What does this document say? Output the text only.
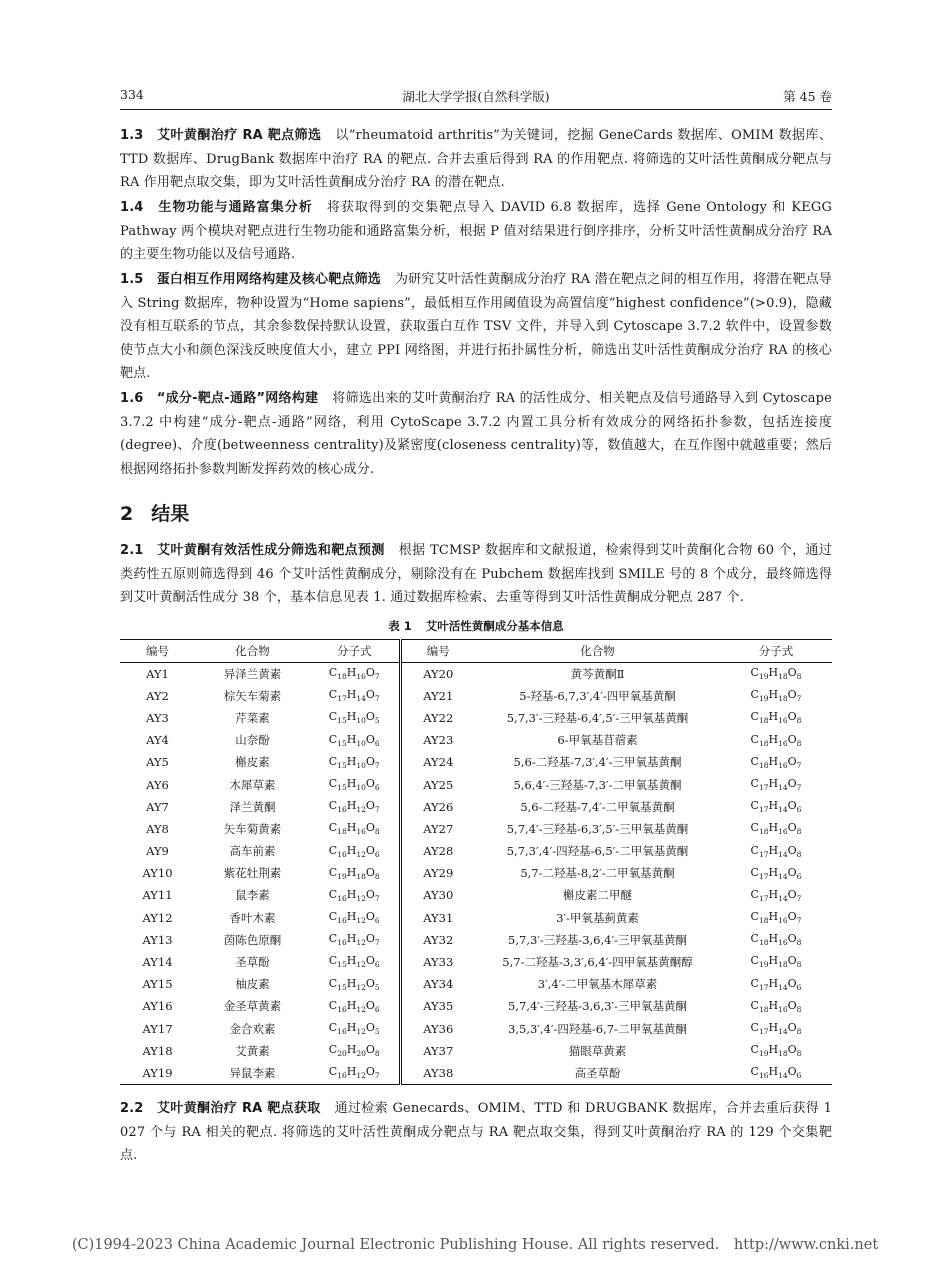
334	湖北大学学报(自然科学版)	第 45 卷

1.3　艾叶黄酮治疗 RA 靶点筛选 以“rheumatoid arthritis”为关键词，挖掘 GeneCards 数据库、OMIM 数据库、TTD 数据库、DrugBank 数据库中治疗 RA 的靶点. 合并去重后得到 RA 的作用靶点. 将筛选的艾叶活性黄酮成分靶点与 RA 作用靶点取交集，即为艾叶活性黄酮成分治疗 RA 的潜在靶点.

1.4　生物功能与通路富集分析 将获取得到的交集靶点导入 DAVID 6.8 数据库，选择 Gene Ontology 和 KEGG Pathway 两个模块对靶点进行生物功能和通路富集分析，根据 P 值对结果进行倒序排序，分析艾叶活性黄酮成分治疗 RA 的主要生物功能以及信号通路.

1.5　蛋白相互作用网络构建及核心靶点筛选 为研究艾叶活性黄酮成分治疗 RA 潜在靶点之间的相互作用，将潜在靶点导入 String 数据库，物种设置为“Home sapiens”，最低相互作用阈值设为高置信度“highest confidence”(>0.9)，隐藏没有相互联系的节点，其余参数保持默认设置，获取蛋白互作 TSV 文件，并导入到 Cytoscape 3.7.2 软件中，设置参数使节点大小和颜色深浅反映度值大小，建立 PPI 网络图，并进行拓扑属性分析，筛选出艾叶活性黄酮成分治疗 RA 的核心靶点.

1.6　“成分-靶点-通路”网络构建 将筛选出来的艾叶黄酮治疗 RA 的活性成分、相关靶点及信号通路导入到 Cytoscape 3.7.2 中构建“成分-靶点-通路”网络，利用 CytoScape 3.7.2 内置工具分析有效成分的网络拓扑参数，包括连接度(degree)、介度(betweenness centrality)及紧密度(closeness centrality)等，数值越大，在互作图中就越重要；然后根据网络拓扑参数判断发挥药效的核心成分.

2 结果

2.1　艾叶黄酮有效活性成分筛选和靶点预测 根据 TCMSP 数据库和文献报道，检索得到艾叶黄酮化合物 60 个，通过类药性五原则筛选得到 46 个艾叶活性黄酮成分，剔除没有在 Pubchem 数据库找到 SMILE 号的 8 个成分，最终筛选得到艾叶黄酮活性成分 38 个，基本信息见表 1. 通过数据库检索、去重等得到艾叶活性黄酮成分靶点 287 个.

表 1 艾叶活性黄酮成分基本信息
编号	化合物	分子式	编号	化合物	分子式
AY1	异泽兰黄素	$C_{18}H_{16}O_7$	AY20	黄芩黄酮Ⅱ	$C_{19}H_{18}O_8$
AY2	棕矢车菊素	$C_{17}H_{14}O_7$	AY21	5-羟基-6,7,3′,4′-四甲氧基黄酮	$C_{19}H_{18}O_7$
AY3	芹菜素	$C_{15}H_{10}O_5$	AY22	5,7,3′-三羟基-6,4′,5′-三甲氧基黄酮	$C_{18}H_{16}O_8$
AY4	山奈酚	$C_{15}H_{10}O_6$	AY23	6-甲氧基苜蓿素	$C_{18}H_{16}O_8$
AY5	槲皮素	$C_{15}H_{10}O_7$	AY24	5,6-二羟基-7,3′,4′-三甲氧基黄酮	$C_{18}H_{16}O_7$
AY6	木犀草素	$C_{15}H_{10}O_6$	AY25	5,6,4′-三羟基-7,3′-二甲氧基黄酮	$C_{17}H_{14}O_7$
AY7	泽兰黄酮	$C_{16}H_{12}O_7$	AY26	5,6-二羟基-7,4′-二甲氧基黄酮	$C_{17}H_{14}O_6$
AY8	矢车菊黄素	$C_{18}H_{16}O_8$	AY27	5,7,4′-三羟基-6,3′,5′-三甲氧基黄酮	$C_{18}H_{16}O_8$
AY9	高车前素	$C_{16}H_{12}O_6$	AY28	5,7,3′,4′-四羟基-6,5′-二甲氧基黄酮	$C_{17}H_{14}O_8$
AY10	紫花牡荆素	$C_{19}H_{18}O_8$	AY29	5,7-二羟基-8,2′-二甲氧基黄酮	$C_{17}H_{14}O_6$
AY11	鼠李素	$C_{16}H_{12}O_7$	AY30	槲皮素二甲醚	$C_{17}H_{14}O_7$
AY12	香叶木素	$C_{16}H_{12}O_6$	AY31	3′-甲氧基蓟黄素	$C_{18}H_{16}O_7$
AY13	茵陈色原酮	$C_{16}H_{12}O_7$	AY32	5,7,3′-三羟基-3,6,4′-三甲氧基黄酮	$C_{18}H_{16}O_8$
AY14	圣草酚	$C_{15}H_{12}O_6$	AY33	5,7-二羟基-3,3′,6,4′-四甲氧基黄酮醇	$C_{19}H_{18}O_8$
AY15	柚皮素	$C_{15}H_{12}O_5$	AY34	3′,4′-二甲氧基木犀草素	$C_{17}H_{14}O_6$
AY16	金圣草黄素	$C_{16}H_{12}O_6$	AY35	5,7,4′-三羟基-3,6,3′-三甲氧基黄酮	$C_{18}H_{16}O_8$
AY17	金合欢素	$C_{16}H_{12}O_5$	AY36	3,5,3′,4′-四羟基-6,7-二甲氧基黄酮	$C_{17}H_{14}O_8$
AY18	艾黄素	$C_{20}H_{20}O_8$	AY37	猫眼草黄素	$C_{19}H_{18}O_8$
AY19	异鼠李素	$C_{16}H_{12}O_7$	AY38	高圣草酚	$C_{16}H_{14}O_6$

2.2　艾叶黄酮治疗 RA 靶点获取 通过检索 Genecards、OMIM、TTD 和 DRUGBANK 数据库，合并去重后获得 1 027 个与 RA 相关的靶点. 将筛选的艾叶活性黄酮成分靶点与 RA 靶点取交集，得到艾叶黄酮治疗 RA 的 129 个交集靶点.

(C)1994-2023 China Academic Journal Electronic Publishing House. All rights reserved.　http://www.cnki.net
